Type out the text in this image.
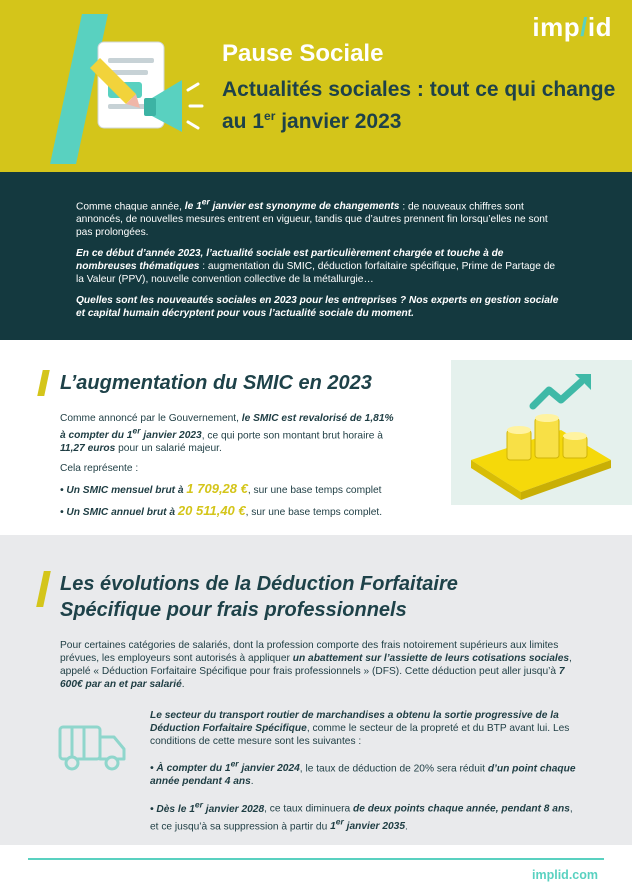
imp/id
Pause Sociale
Actualités sociales : tout ce qui change au 1er janvier 2023

Comme chaque année, le 1er janvier est synonyme de changements : de nouveaux chiffres sont annoncés, de nouvelles mesures entrent en vigueur, tandis que d’autres prennent fin lorsqu’elles ne sont pas prolongées.

En ce début d’année 2023, l’actualité sociale est particulièrement chargée et touche à de nombreuses thématiques : augmentation du SMIC, déduction forfaitaire spécifique, Prime de Partage de la Valeur (PPV), nouvelle convention collective de la métallurgie…

Quelles sont les nouveautés sociales en 2023 pour les entreprises ? Nos experts en gestion sociale et capital humain décryptent pour vous l’actualité sociale du moment.

L’augmentation du SMIC en 2023

Comme annoncé par le Gouvernement, le SMIC est revalorisé de 1,81% à compter du 1er janvier 2023, ce qui porte son montant brut horaire à 11,27 euros pour un salarié majeur.

Cela représente :

• Un SMIC mensuel brut à 1 709,28 €, sur une base temps complet
• Un SMIC annuel brut à 20 511,40 €, sur une base temps complet.
Les évolutions de la Déduction Forfaitaire
Spécifique pour frais professionnels
Pour certaines catégories de salariés, dont la profession comporte des frais notoirement supérieurs aux limites prévues, les employeurs sont autorisés à appliquer un abattement sur l’assiette de leurs cotisations sociales, appelé « Déduction Forfaitaire Spécifique pour frais professionnels » (DFS). Cette déduction peut aller jusqu’à 7 600€ par an et par salarié.

Le secteur du transport routier de marchandises a obtenu la sortie progressive de la Déduction Forfaitaire Spécifique, comme le secteur de la propreté et du BTP avant lui. Les conditions de cette mesure sont les suivantes :

• À compter du 1er janvier 2024, le taux de déduction de 20% sera réduit d’un point chaque année pendant 4 ans.

• Dès le 1er janvier 2028, ce taux diminuera de deux points chaque année, pendant 8 ans, et ce jusqu’à sa suppression à partir du 1er janvier 2035.

implid.com
